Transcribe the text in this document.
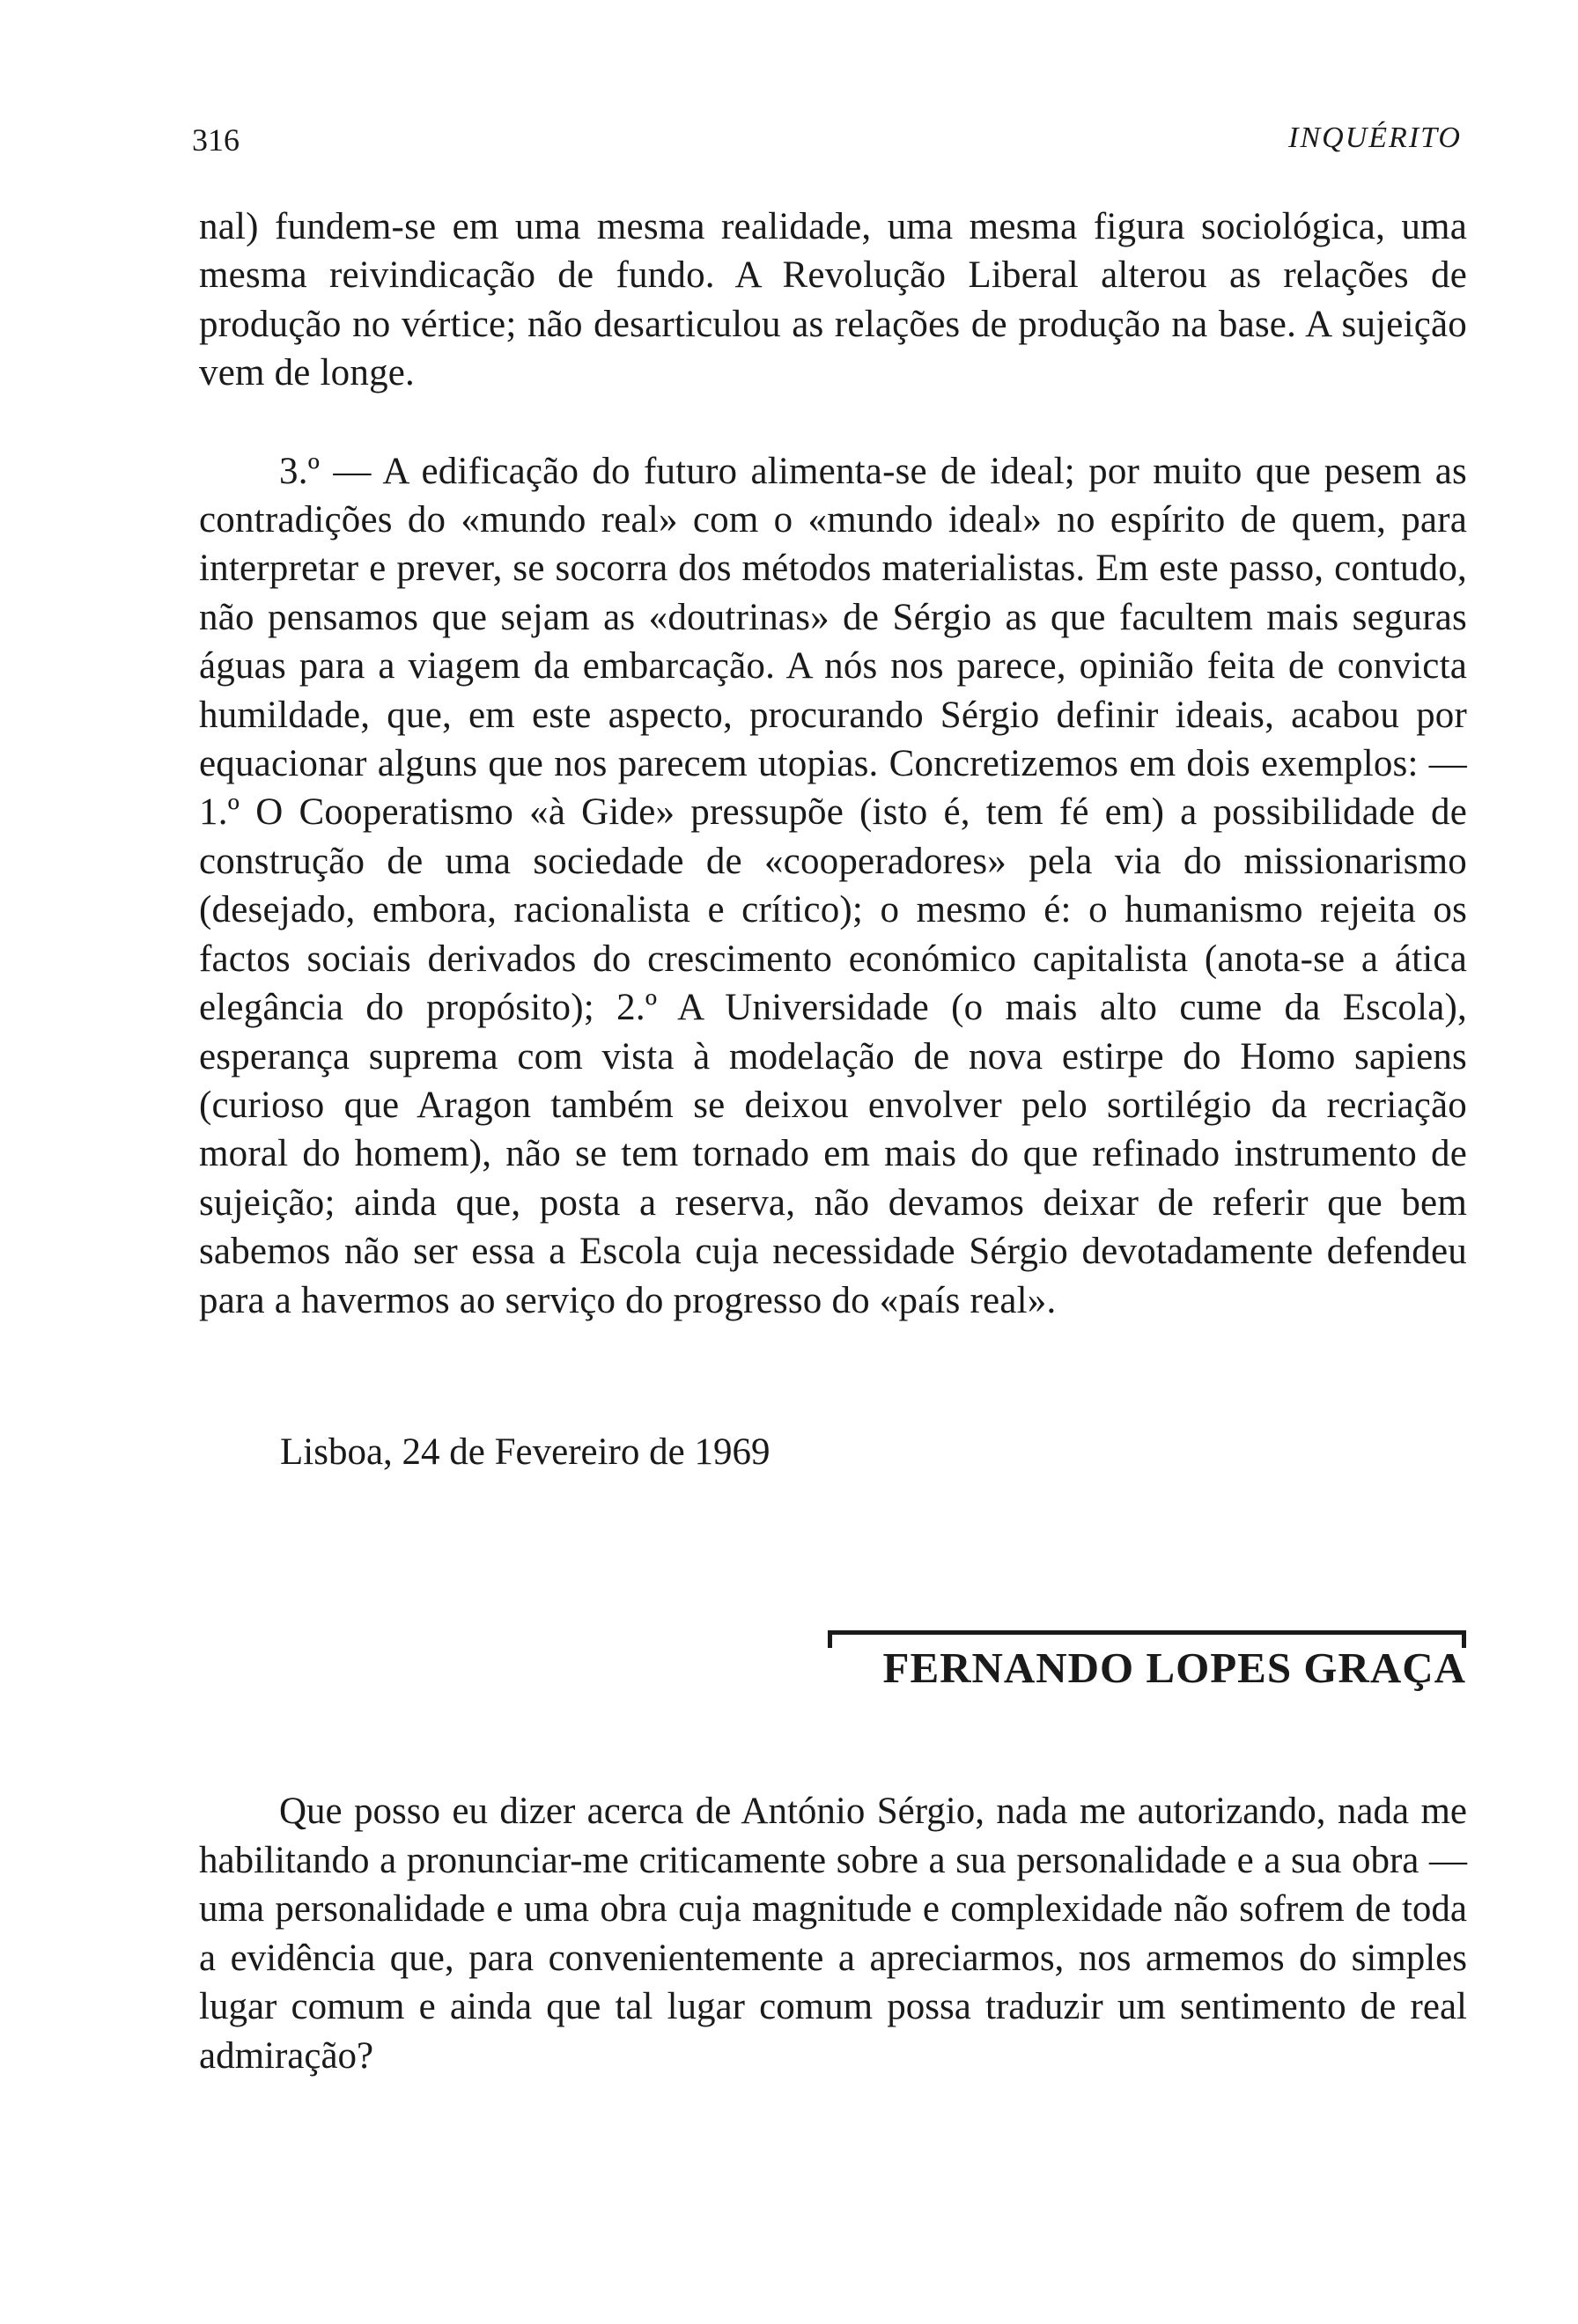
316	INQUÉRITO

nal) fundem-se em uma mesma realidade, uma mesma figura sociológica, uma mesma reivindicação de fundo. A Revolução Liberal alterou as relações de produção no vértice; não desarticulou as relações de produção na base. A sujeição vem de longe.

3.º — A edificação do futuro alimenta-se de ideal; por muito que pesem as contradições do «mundo real» com o «mundo ideal» no espírito de quem, para interpretar e prever, se socorra dos métodos materialistas. Em este passo, contudo, não pensamos que sejam as «doutrinas» de Sérgio as que facultem mais seguras águas para a viagem da embarcação. A nós nos parece, opinião feita de convicta humildade, que, em este aspecto, procurando Sérgio definir ideais, acabou por equacionar alguns que nos parecem utopias. Concretizemos em dois exemplos: — 1.º O Cooperatismo «à Gide» pressupõe (isto é, tem fé em) a possibilidade de construção de uma sociedade de «cooperadores» pela via do missionarismo (desejado, embora, racionalista e crítico); o mesmo é: o humanismo rejeita os factos sociais derivados do crescimento económico capitalista (anota-se a ática elegância do propósito); 2.º A Universidade (o mais alto cume da Escola), esperança suprema com vista à modelação de nova estirpe do Homo sapiens (curioso que Aragon também se deixou envolver pelo sortilégio da recriação moral do homem), não se tem tornado em mais do que refinado instrumento de sujeição; ainda que, posta a reserva, não devamos deixar de referir que bem sabemos não ser essa a Escola cuja necessidade Sérgio devotadamente defendeu para a havermos ao serviço do progresso do «país real».

Lisboa, 24 de Fevereiro de 1969
FERNANDO LOPES GRAÇA

Que posso eu dizer acerca de António Sérgio, nada me autorizando, nada me habilitando a pronunciar-me criticamente sobre a sua personalidade e a sua obra — uma personalidade e uma obra cuja magnitude e complexidade não sofrem de toda a evidência que, para convenientemente a apreciarmos, nos armemos do simples lugar comum e ainda que tal lugar comum possa traduzir um sentimento de real admiração?
